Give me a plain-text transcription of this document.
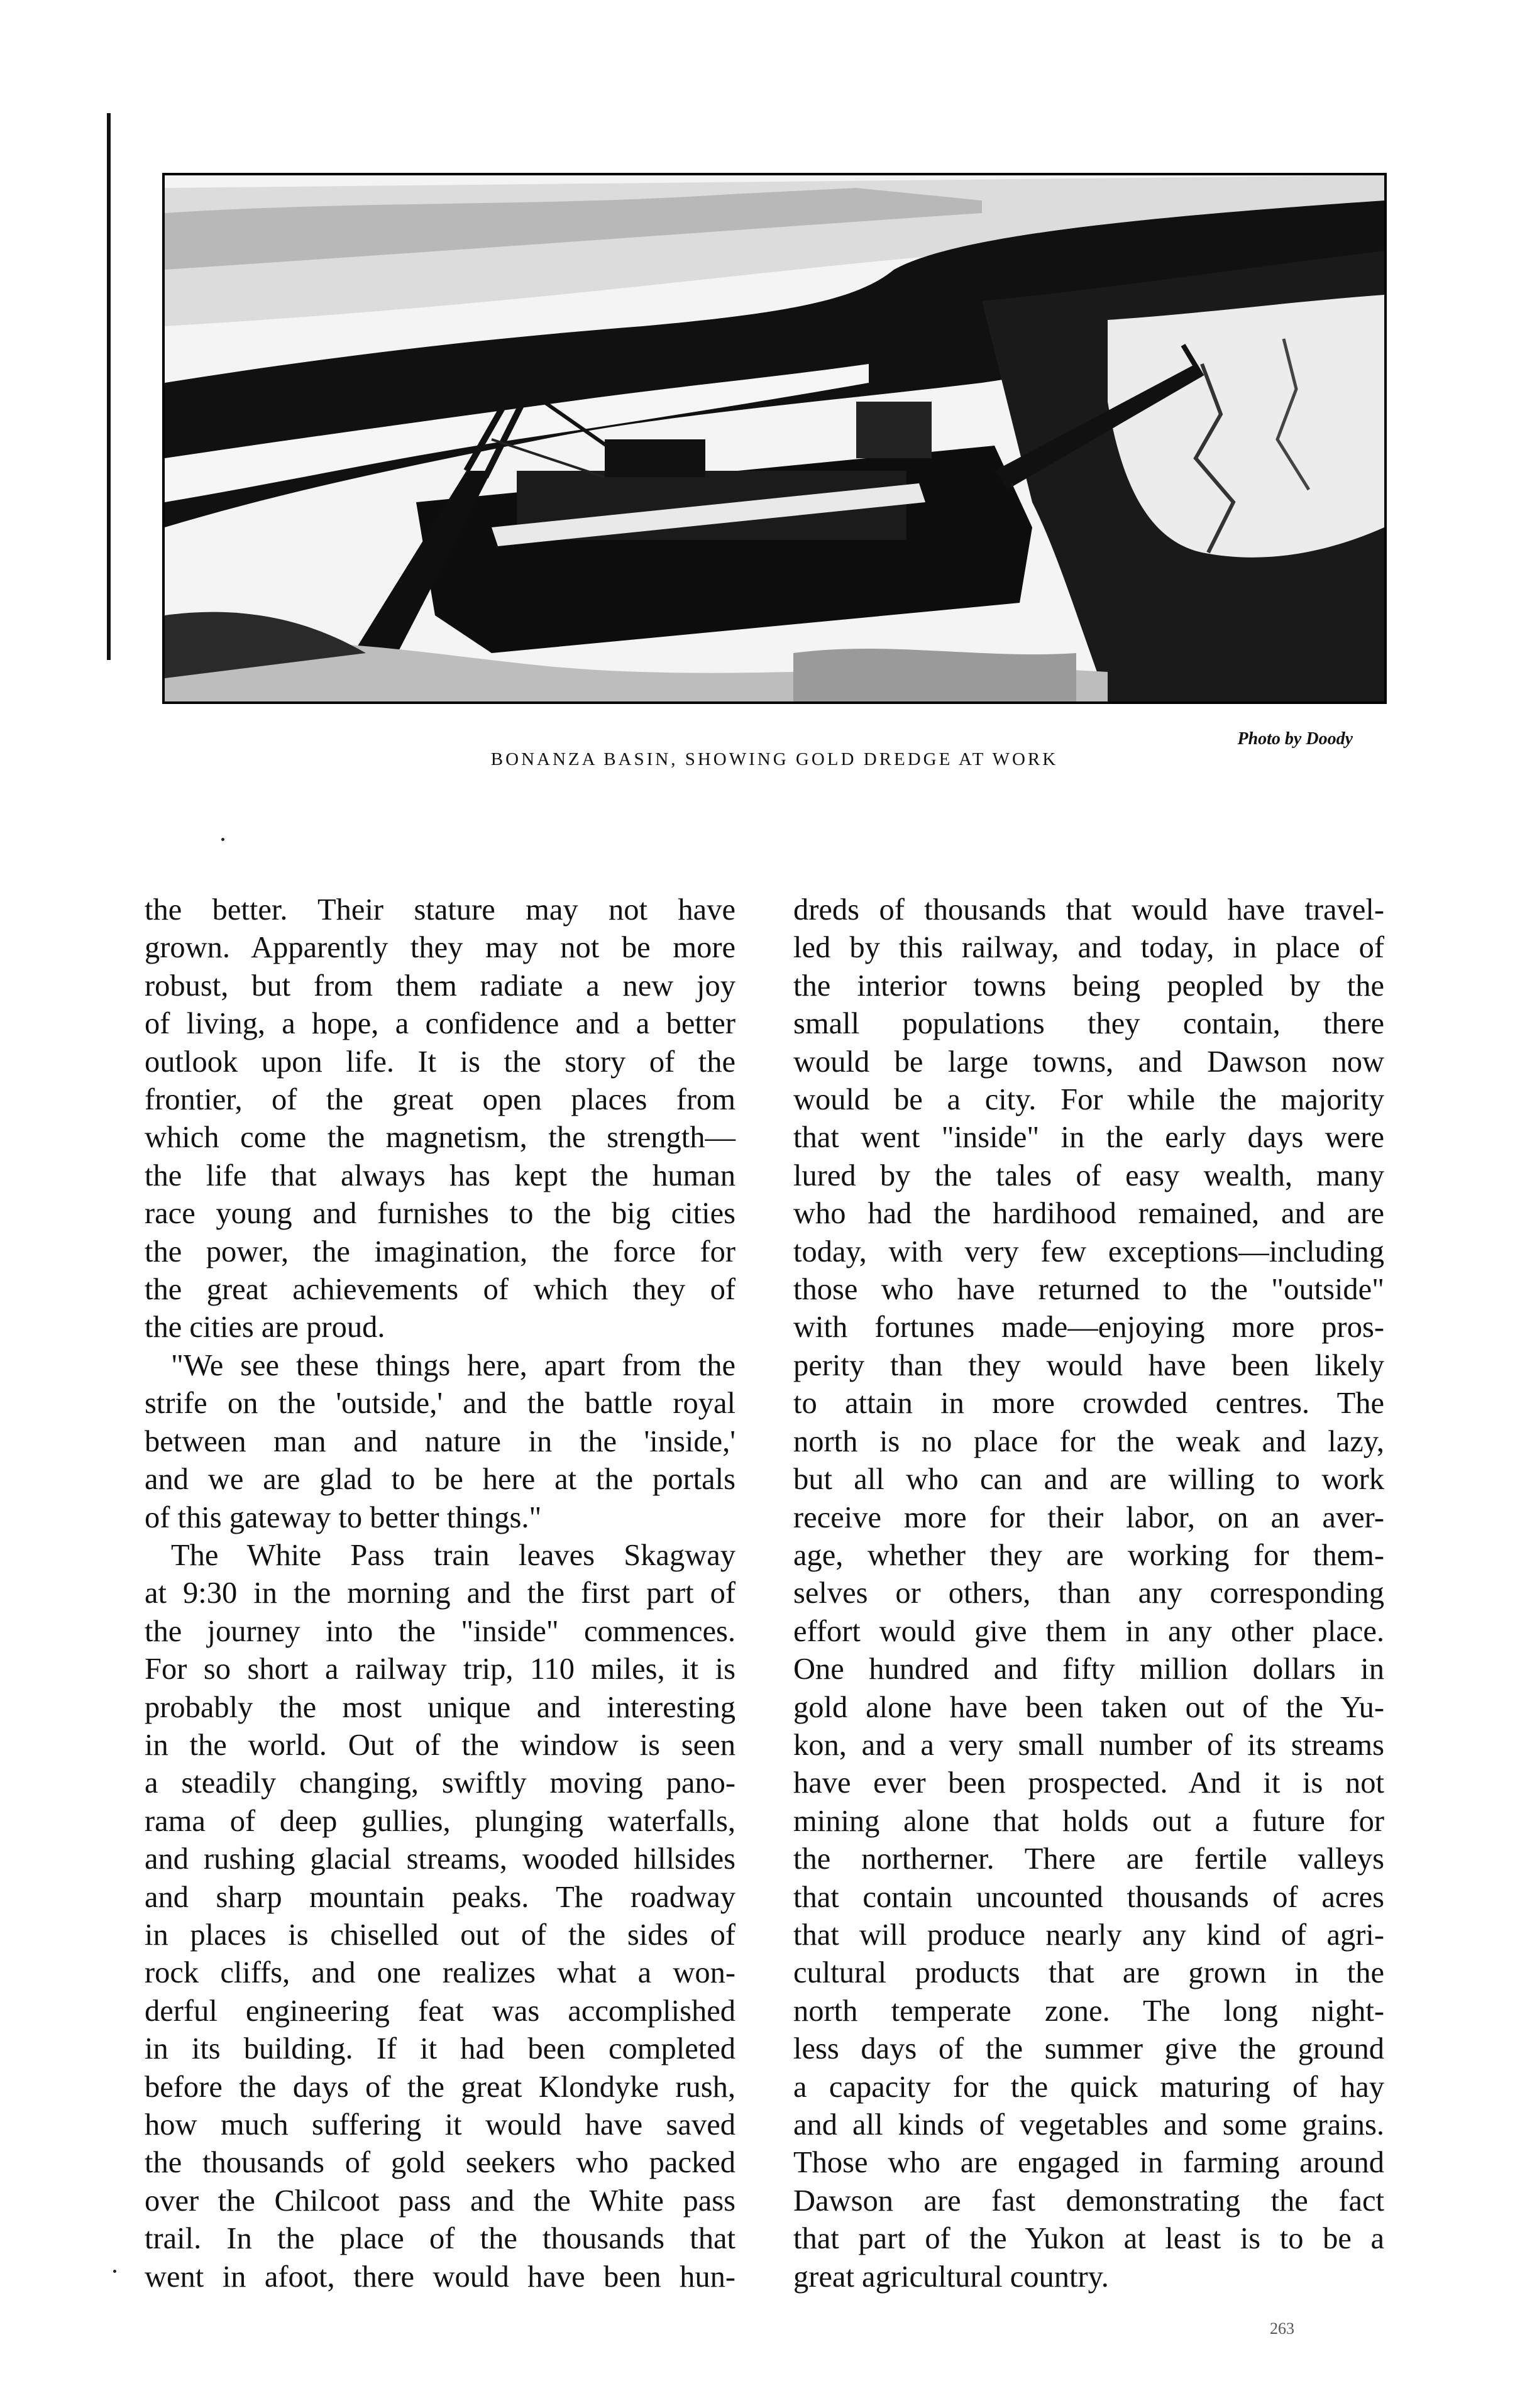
BONANZA BASIN, SHOWING GOLD DREDGE AT WORK
Photo by Doody
the better. Their stature may not have
grown. Apparently they may not be more
robust, but from them radiate a new joy
of living, a hope, a confidence and a better
outlook upon life. It is the story of the
frontier, of the great open places from
which come the magnetism, the strength—
the life that always has kept the human
race young and furnishes to the big cities
the power, the imagination, the force for
the great achievements of which they of
the cities are proud.
"We see these things here, apart from the
strife on the 'outside,' and the battle royal
between man and nature in the 'inside,'
and we are glad to be here at the portals
of this gateway to better things."
The White Pass train leaves Skagway
at 9:30 in the morning and the first part of
the journey into the "inside" commences.
For so short a railway trip, 110 miles, it is
probably the most unique and interesting
in the world. Out of the window is seen
a steadily changing, swiftly moving pano-
rama of deep gullies, plunging waterfalls,
and rushing glacial streams, wooded hillsides
and sharp mountain peaks. The roadway
in places is chiselled out of the sides of
rock cliffs, and one realizes what a won-
derful engineering feat was accomplished
in its building. If it had been completed
before the days of the great Klondyke rush,
how much suffering it would have saved
the thousands of gold seekers who packed
over the Chilcoot pass and the White pass
trail. In the place of the thousands that
went in afoot, there would have been hun-
dreds of thousands that would have travel-
led by this railway, and today, in place of
the interior towns being peopled by the
small populations they contain, there
would be large towns, and Dawson now
would be a city. For while the majority
that went "inside" in the early days were
lured by the tales of easy wealth, many
who had the hardihood remained, and are
today, with very few exceptions—including
those who have returned to the "outside"
with fortunes made—enjoying more pros-
perity than they would have been likely
to attain in more crowded centres. The
north is no place for the weak and lazy,
but all who can and are willing to work
receive more for their labor, on an aver-
age, whether they are working for them-
selves or others, than any corresponding
effort would give them in any other place.
One hundred and fifty million dollars in
gold alone have been taken out of the Yu-
kon, and a very small number of its streams
have ever been prospected. And it is not
mining alone that holds out a future for
the northerner. There are fertile valleys
that contain uncounted thousands of acres
that will produce nearly any kind of agri-
cultural products that are grown in the
north temperate zone. The long night-
less days of the summer give the ground
a capacity for the quick maturing of hay
and all kinds of vegetables and some grains.
Those who are engaged in farming around
Dawson are fast demonstrating the fact
that part of the Yukon at least is to be a
great agricultural country.
263
